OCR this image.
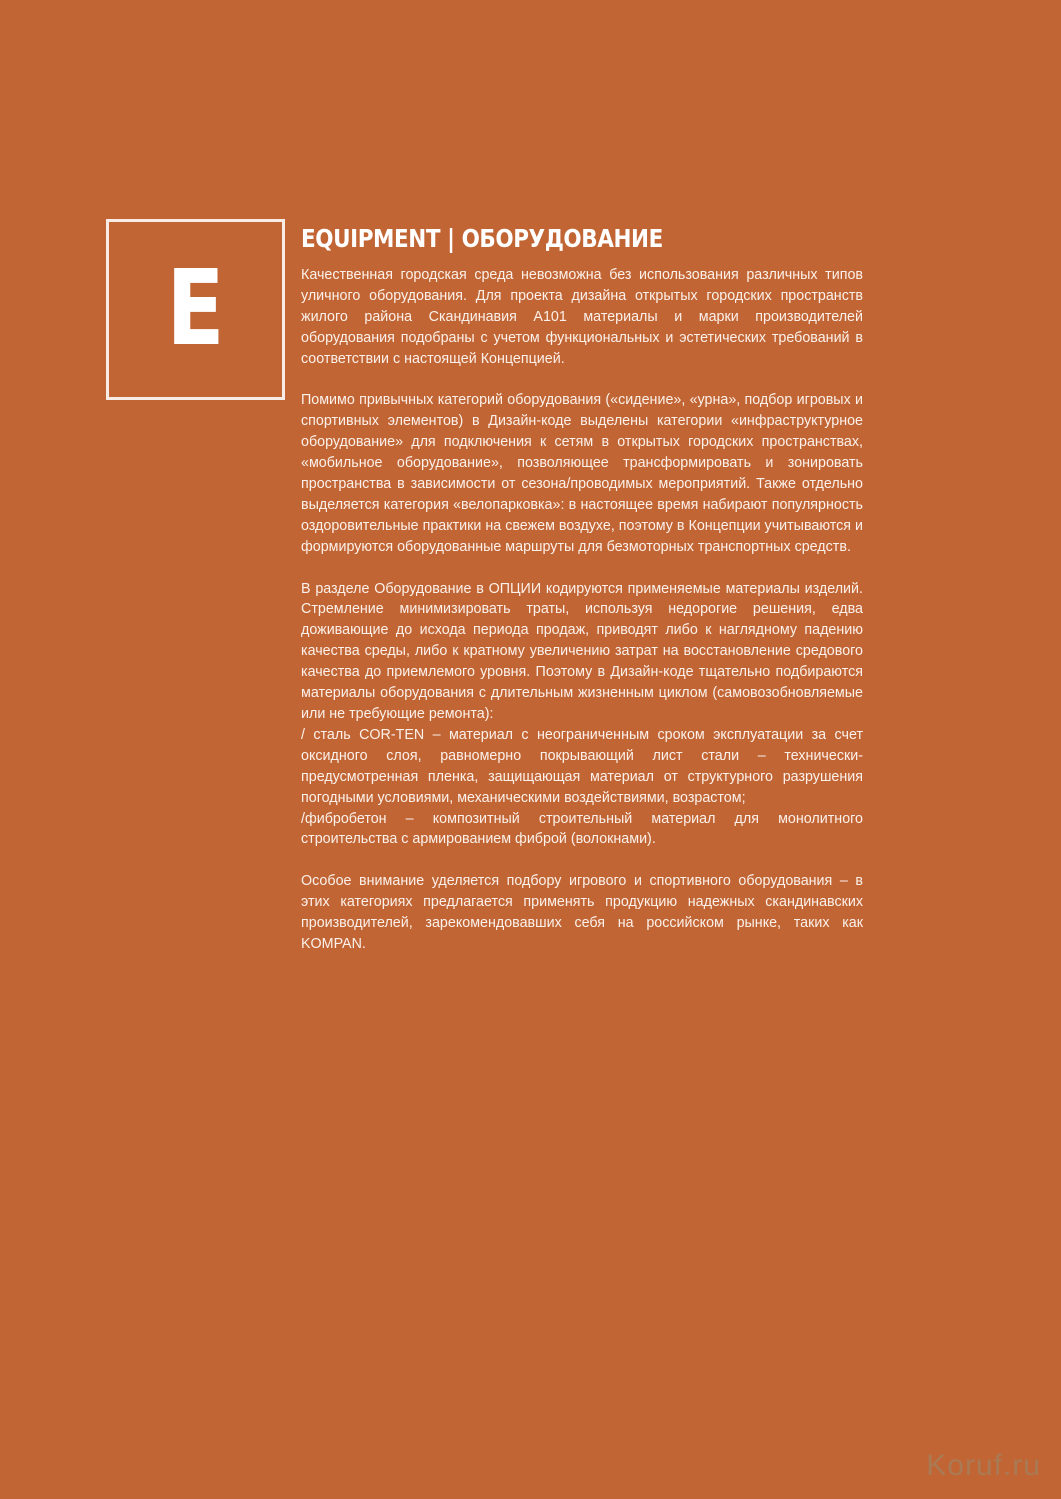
E
EQUIPMENT | ОБОРУДОВАНИЕ

Качественная городская среда невозможна без использования различных типов уличного оборудования. Для проекта дизайна открытых городских пространств жилого района Скандинавия А101 материалы и марки производителей оборудования подобраны с учетом функциональных и эстетических требований в соответствии с настоящей Концепцией.

Помимо привычных категорий оборудования («сидение», «урна», подбор игровых и спортивных элементов) в Дизайн-коде выделены категории «инфраструктурное оборудование» для подключения к сетям в открытых городских пространствах, «мобильное оборудование», позволяющее трансформировать и зонировать пространства в зависимости от сезона/проводимых мероприятий. Также отдельно выделяется категория «велопарковка»: в настоящее время набирают популярность оздоровительные практики на свежем воздухе, поэтому в Концепции учитываются и формируются оборудованные маршруты для безмоторных транспортных средств.

В разделе Оборудование в ОПЦИИ кодируются применяемые материалы изделий. Стремление минимизировать траты, используя недорогие решения, едва доживающие до исхода периода продаж, приводят либо к наглядному падению качества среды, либо к кратному увеличению затрат на восстановление средового качества до приемлемого уровня. Поэтому в Дизайн-коде тщательно подбираются материалы оборудования с длительным жизненным циклом (самовозобновляемые или не требующие ремонта):
/ сталь COR-TEN – материал с неограниченным сроком эксплуатации за счет оксидного слоя, равномерно покрывающий лист стали – технически-предусмотренная пленка, защищающая материал от структурного разрушения погодными условиями, механическими воздействиями, возрастом;
/фибробетон – композитный строительный материал для монолитного строительства с армированием фиброй (волокнами).

Особое внимание уделяется подбору игрового и спортивного оборудования – в этих категориях предлагается применять продукцию надежных скандинавских производителей, зарекомендовавших себя на российском рынке, таких как KOMPAN.

Koruf.ru
